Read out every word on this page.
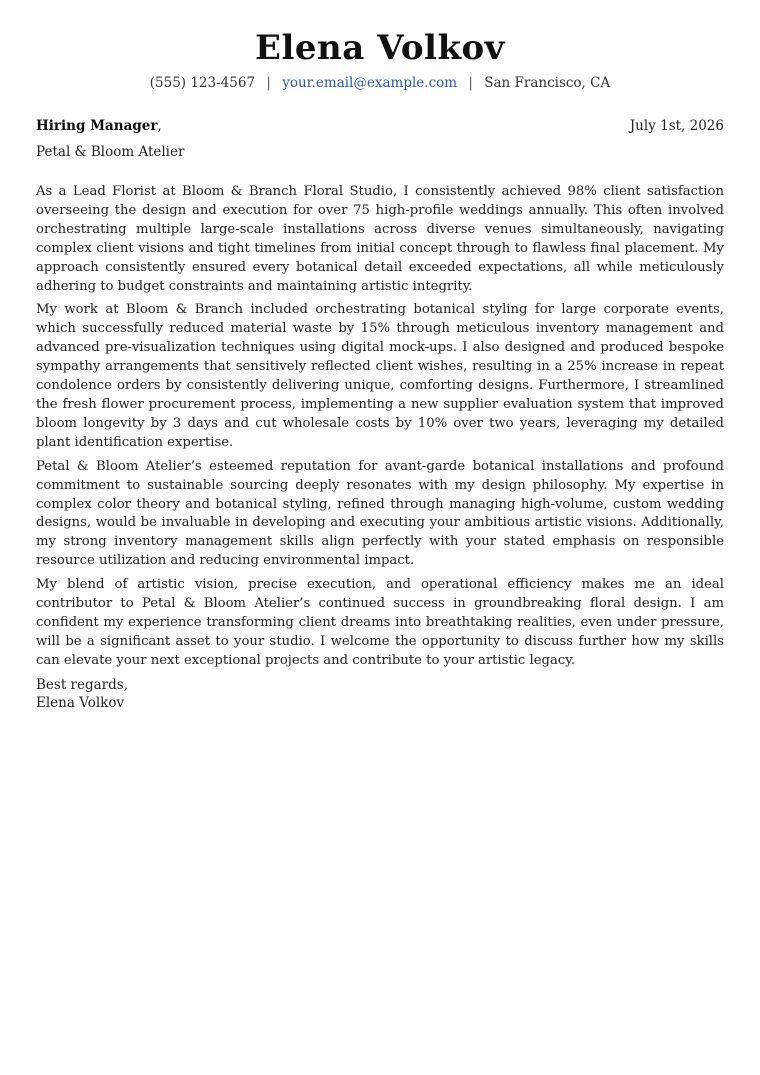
Elena Volkov
(555) 123-4567 | your.email@example.com | San Francisco, CA
Hiring Manager,	July 1st, 2026
Petal & Bloom Atelier

As a Lead Florist at Bloom & Branch Floral Studio, I consistently achieved 98% client satisfaction overseeing the design and execution for over 75 high-profile weddings annually. This often involved orchestrating multiple large-scale installations across diverse venues simultaneously, navigating complex client visions and tight timelines from initial concept through to flawless final placement. My approach consistently ensured every botanical detail exceeded expectations, all while meticulously adhering to budget constraints and maintaining artistic integrity.

My work at Bloom & Branch included orchestrating botanical styling for large corporate events, which successfully reduced material waste by 15% through meticulous inventory management and advanced pre-visualization techniques using digital mock-ups. I also designed and produced bespoke sympathy arrangements that sensitively reflected client wishes, resulting in a 25% increase in repeat condolence orders by consistently delivering unique, comforting designs. Furthermore, I streamlined the fresh flower procurement process, implementing a new supplier evaluation system that improved bloom longevity by 3 days and cut wholesale costs by 10% over two years, leveraging my detailed plant identification expertise.

Petal & Bloom Atelier’s esteemed reputation for avant-garde botanical installations and profound commitment to sustainable sourcing deeply resonates with my design philosophy. My expertise in complex color theory and botanical styling, refined through managing high-volume, custom wedding designs, would be invaluable in developing and executing your ambitious artistic visions. Additionally, my strong inventory management skills align perfectly with your stated emphasis on responsible resource utilization and reducing environmental impact.

My blend of artistic vision, precise execution, and operational efficiency makes me an ideal contributor to Petal & Bloom Atelier’s continued success in groundbreaking floral design. I am confident my experience transforming client dreams into breathtaking realities, even under pressure, will be a significant asset to your studio. I welcome the opportunity to discuss further how my skills can elevate your next exceptional projects and contribute to your artistic legacy.

Best regards,
Elena Volkov
